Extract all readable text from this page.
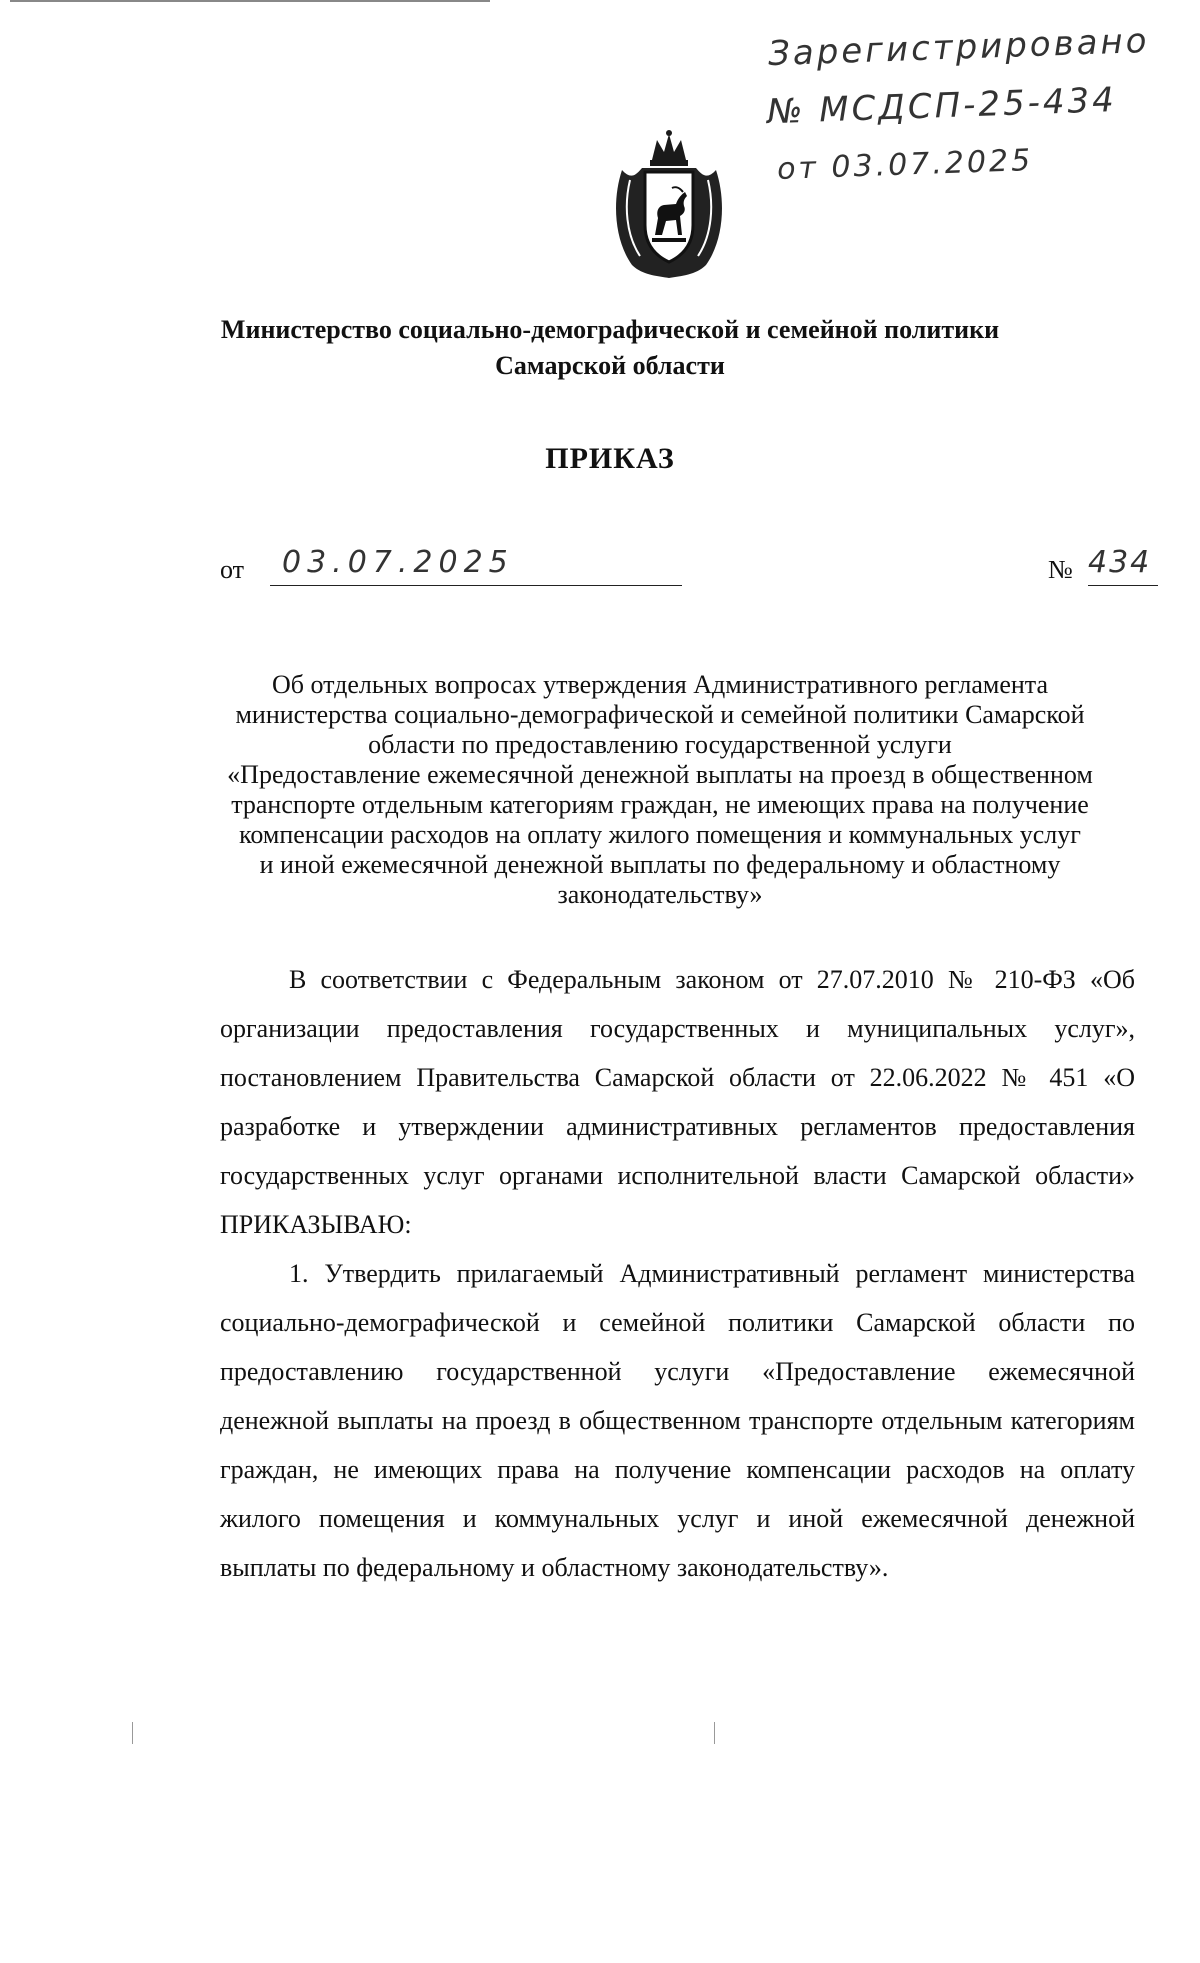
Зарегистрировано
№ МСДСП-25-434
от 03.07.2025
Министерство социально-демографической и семейной политики
Самарской области
ПРИКАЗ
от	03.07.2025	№ 434
Об отдельных вопросах утверждения Административного регламента
министерства социально-демографической и семейной политики Самарской
области по предоставлению государственной услуги
«Предоставление ежемесячной денежной выплаты на проезд в общественном
транспорте отдельным категориям граждан, не имеющих права на получение
компенсации расходов на оплату жилого помещения и коммунальных услуг
и иной ежемесячной денежной выплаты по федеральному и областному
законодательству»

В соответствии с Федеральным законом от 27.07.2010 № 210-ФЗ «Об организации предоставления государственных и муниципальных услуг», постановлением Правительства Самарской области от 22.06.2022 № 451 «О разработке и утверждении административных регламентов предоставления государственных услуг органами исполнительной власти Самарской области» ПРИКАЗЫВАЮ:

1. Утвердить прилагаемый Административный регламент министерства социально-демографической и семейной политики Самарской области по предоставлению государственной услуги «Предоставление ежемесячной денежной выплаты на проезд в общественном транспорте отдельным категориям граждан, не имеющих права на получение компенсации расходов на оплату жилого помещения и коммунальных услуг и иной ежемесячной денежной выплаты по федеральному и областному законодательству».
